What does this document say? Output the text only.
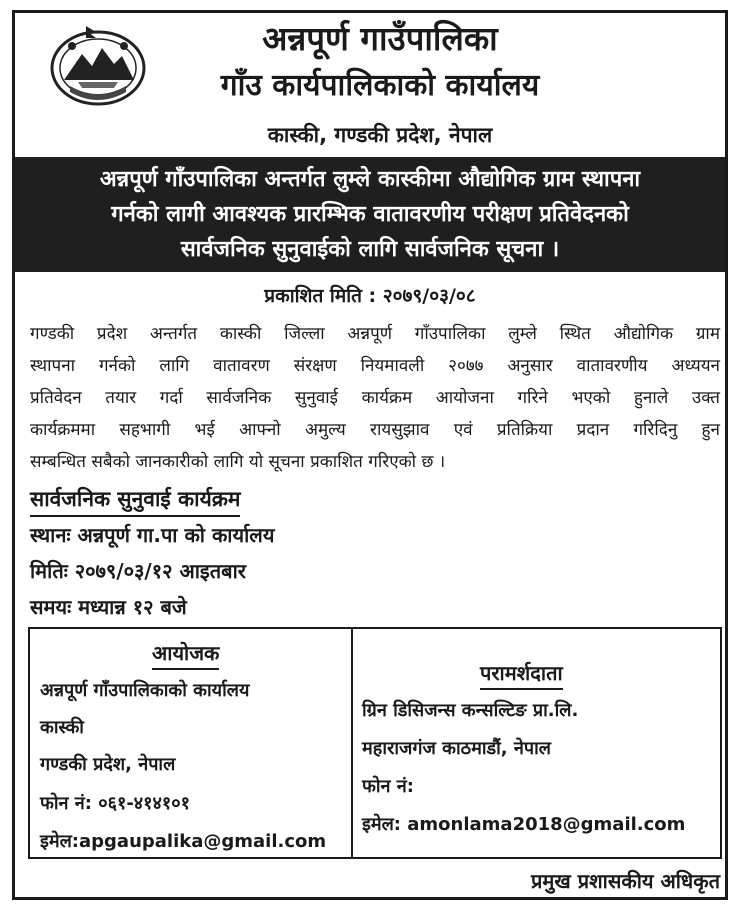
अन्नपूर्ण गाउँपालिका
गाँउ कार्यपालिकाको कार्यालय
कास्की, गण्डकी प्रदेश, नेपाल
अन्नपूर्ण गाँउपालिका अन्तर्गत लुम्ले कास्कीमा औद्योगिक ग्राम स्थापना
गर्नको लागी आवश्यक प्रारम्भिक वातावरणीय परीक्षण प्रतिवेदनको
सार्वजनिक सुनुवाईको लागि सार्वजनिक सूचना ।
प्रकाशित मिति : २०७९/०३/०८
गण्डकी प्रदेश अन्तर्गत कास्की जिल्ला अन्नपूर्ण गाँउपालिका लुम्ले स्थित औद्योगिक ग्राम
स्थापना गर्नको लागि वातावरण संरक्षण नियमावली २०७७ अनुसार वातावरणीय अध्ययन
प्रतिवेदन तयार गर्दा सार्वजनिक सुनुवाई कार्यक्रम आयोजना गरिने भएको हुनाले उक्त
कार्यक्रममा सहभागी भई आफ्नो अमुल्य रायसुझाव एवं प्रतिक्रिया प्रदान गरिदिनु हुन
सम्बन्धित सबैको जानकारीको लागि यो सूचना प्रकाशित गरिएको छ ।
सार्वजनिक सुनुवाई कार्यक्रम
स्थानः अन्नपूर्ण गा.पा को कार्यालय
मितिः २०७९/०३/१२ आइतबार
समयः मध्यान्न १२ बजे
आयोजक
अन्नपूर्ण गाँउपालिकाको कार्यालय
कास्की
गण्डकी प्रदेश, नेपाल
फोन नं: ०६१-४१४१०१
इमेल:apgaupalika@gmail.com
परामर्शदाता
ग्रिन डिसिजन्स कन्सल्टिङ प्रा.लि.
महाराजगंज काठमाडौं, नेपाल
फोन नं:
इमेल: amonlama2018@gmail.com
प्रमुख प्रशासकीय अधिकृत
